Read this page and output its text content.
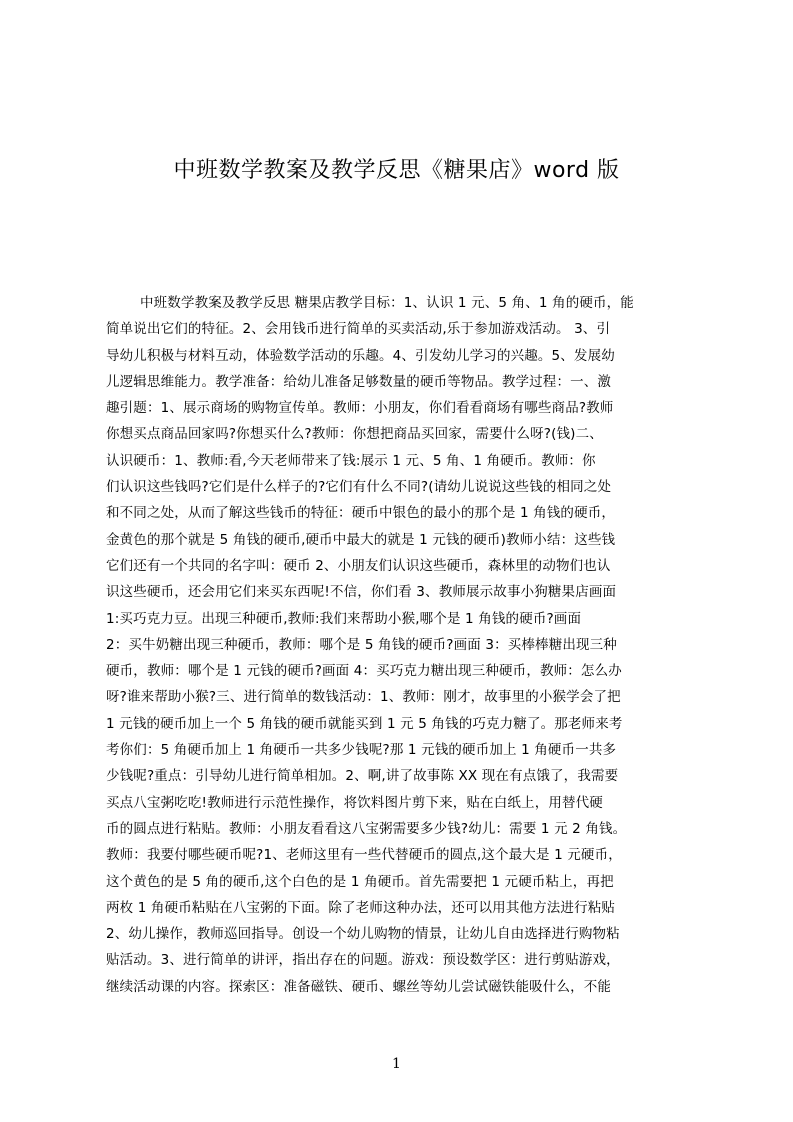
中班数学教案及教学反思《糖果店》word 版
中班数学教案及教学反思 糖果店教学目标：1、认识 1 元、5 角、1 角的硬币，能
简单说出它们的特征。2、会用钱币进行简单的买卖活动,乐于参加游戏活动。 3、引
导幼儿积极与材料互动，体验数学活动的乐趣。4、引发幼儿学习的兴趣。5、发展幼
儿逻辑思维能力。教学准备：给幼儿准备足够数量的硬币等物品。教学过程：一、激
趣引题：1、展示商场的购物宣传单。教师：小朋友，你们看看商场有哪些商品?教师
你想买点商品回家吗?你想买什么?教师：你想把商品买回家，需要什么呀?(钱)二、
认识硬币：1、教师:看,今天老师带来了钱:展示 1 元、5 角、1 角硬币。教师：你
们认识这些钱吗?它们是什么样子的?它们有什么不同?(请幼儿说说这些钱的相同之处
和不同之处，从而了解这些钱币的特征：硬币中银色的最小的那个是 1 角钱的硬币，
金黄色的那个就是 5 角钱的硬币,硬币中最大的就是 1 元钱的硬币)教师小结：这些钱
它们还有一个共同的名字叫：硬币 2、小朋友们认识这些硬币，森林里的动物们也认
识这些硬币，还会用它们来买东西呢!不信，你们看 3、教师展示故事小狗糖果店画面
1:买巧克力豆。出现三种硬币,教师:我们来帮助小猴,哪个是 1 角钱的硬币?画面
2：买牛奶糖出现三种硬币，教师：哪个是 5 角钱的硬币?画面 3：买棒棒糖出现三种
硬币，教师：哪个是 1 元钱的硬币?画面 4：买巧克力糖出现三种硬币，教师：怎么办
呀?谁来帮助小猴?三、进行简单的数钱活动：1、教师：刚才，故事里的小猴学会了把
1 元钱的硬币加上一个 5 角钱的硬币就能买到 1 元 5 角钱的巧克力糖了。那老师来考
考你们：5 角硬币加上 1 角硬币一共多少钱呢?那 1 元钱的硬币加上 1 角硬币一共多
少钱呢?重点：引导幼儿进行简单相加。2、啊,讲了故事陈 XX 现在有点饿了，我需要
买点八宝粥吃吃!教师进行示范性操作，将饮料图片剪下来，贴在白纸上，用替代硬
币的圆点进行粘贴。教师：小朋友看看这八宝粥需要多少钱?幼儿：需要 1 元 2 角钱。
教师：我要付哪些硬币呢?1、老师这里有一些代替硬币的圆点,这个最大是 1 元硬币，
这个黄色的是 5 角的硬币,这个白色的是 1 角硬币。首先需要把 1 元硬币粘上，再把
两枚 1 角硬币粘贴在八宝粥的下面。除了老师这种办法，还可以用其他方法进行粘贴
2、幼儿操作，教师巡回指导。创设一个幼儿购物的情景，让幼儿自由选择进行购物粘
贴活动。3、进行简单的讲评，指出存在的问题。游戏：预设数学区：进行剪贴游戏，
继续活动课的内容。探索区：准备磁铁、硬币、螺丝等幼儿尝试磁铁能吸什么，不能
1
